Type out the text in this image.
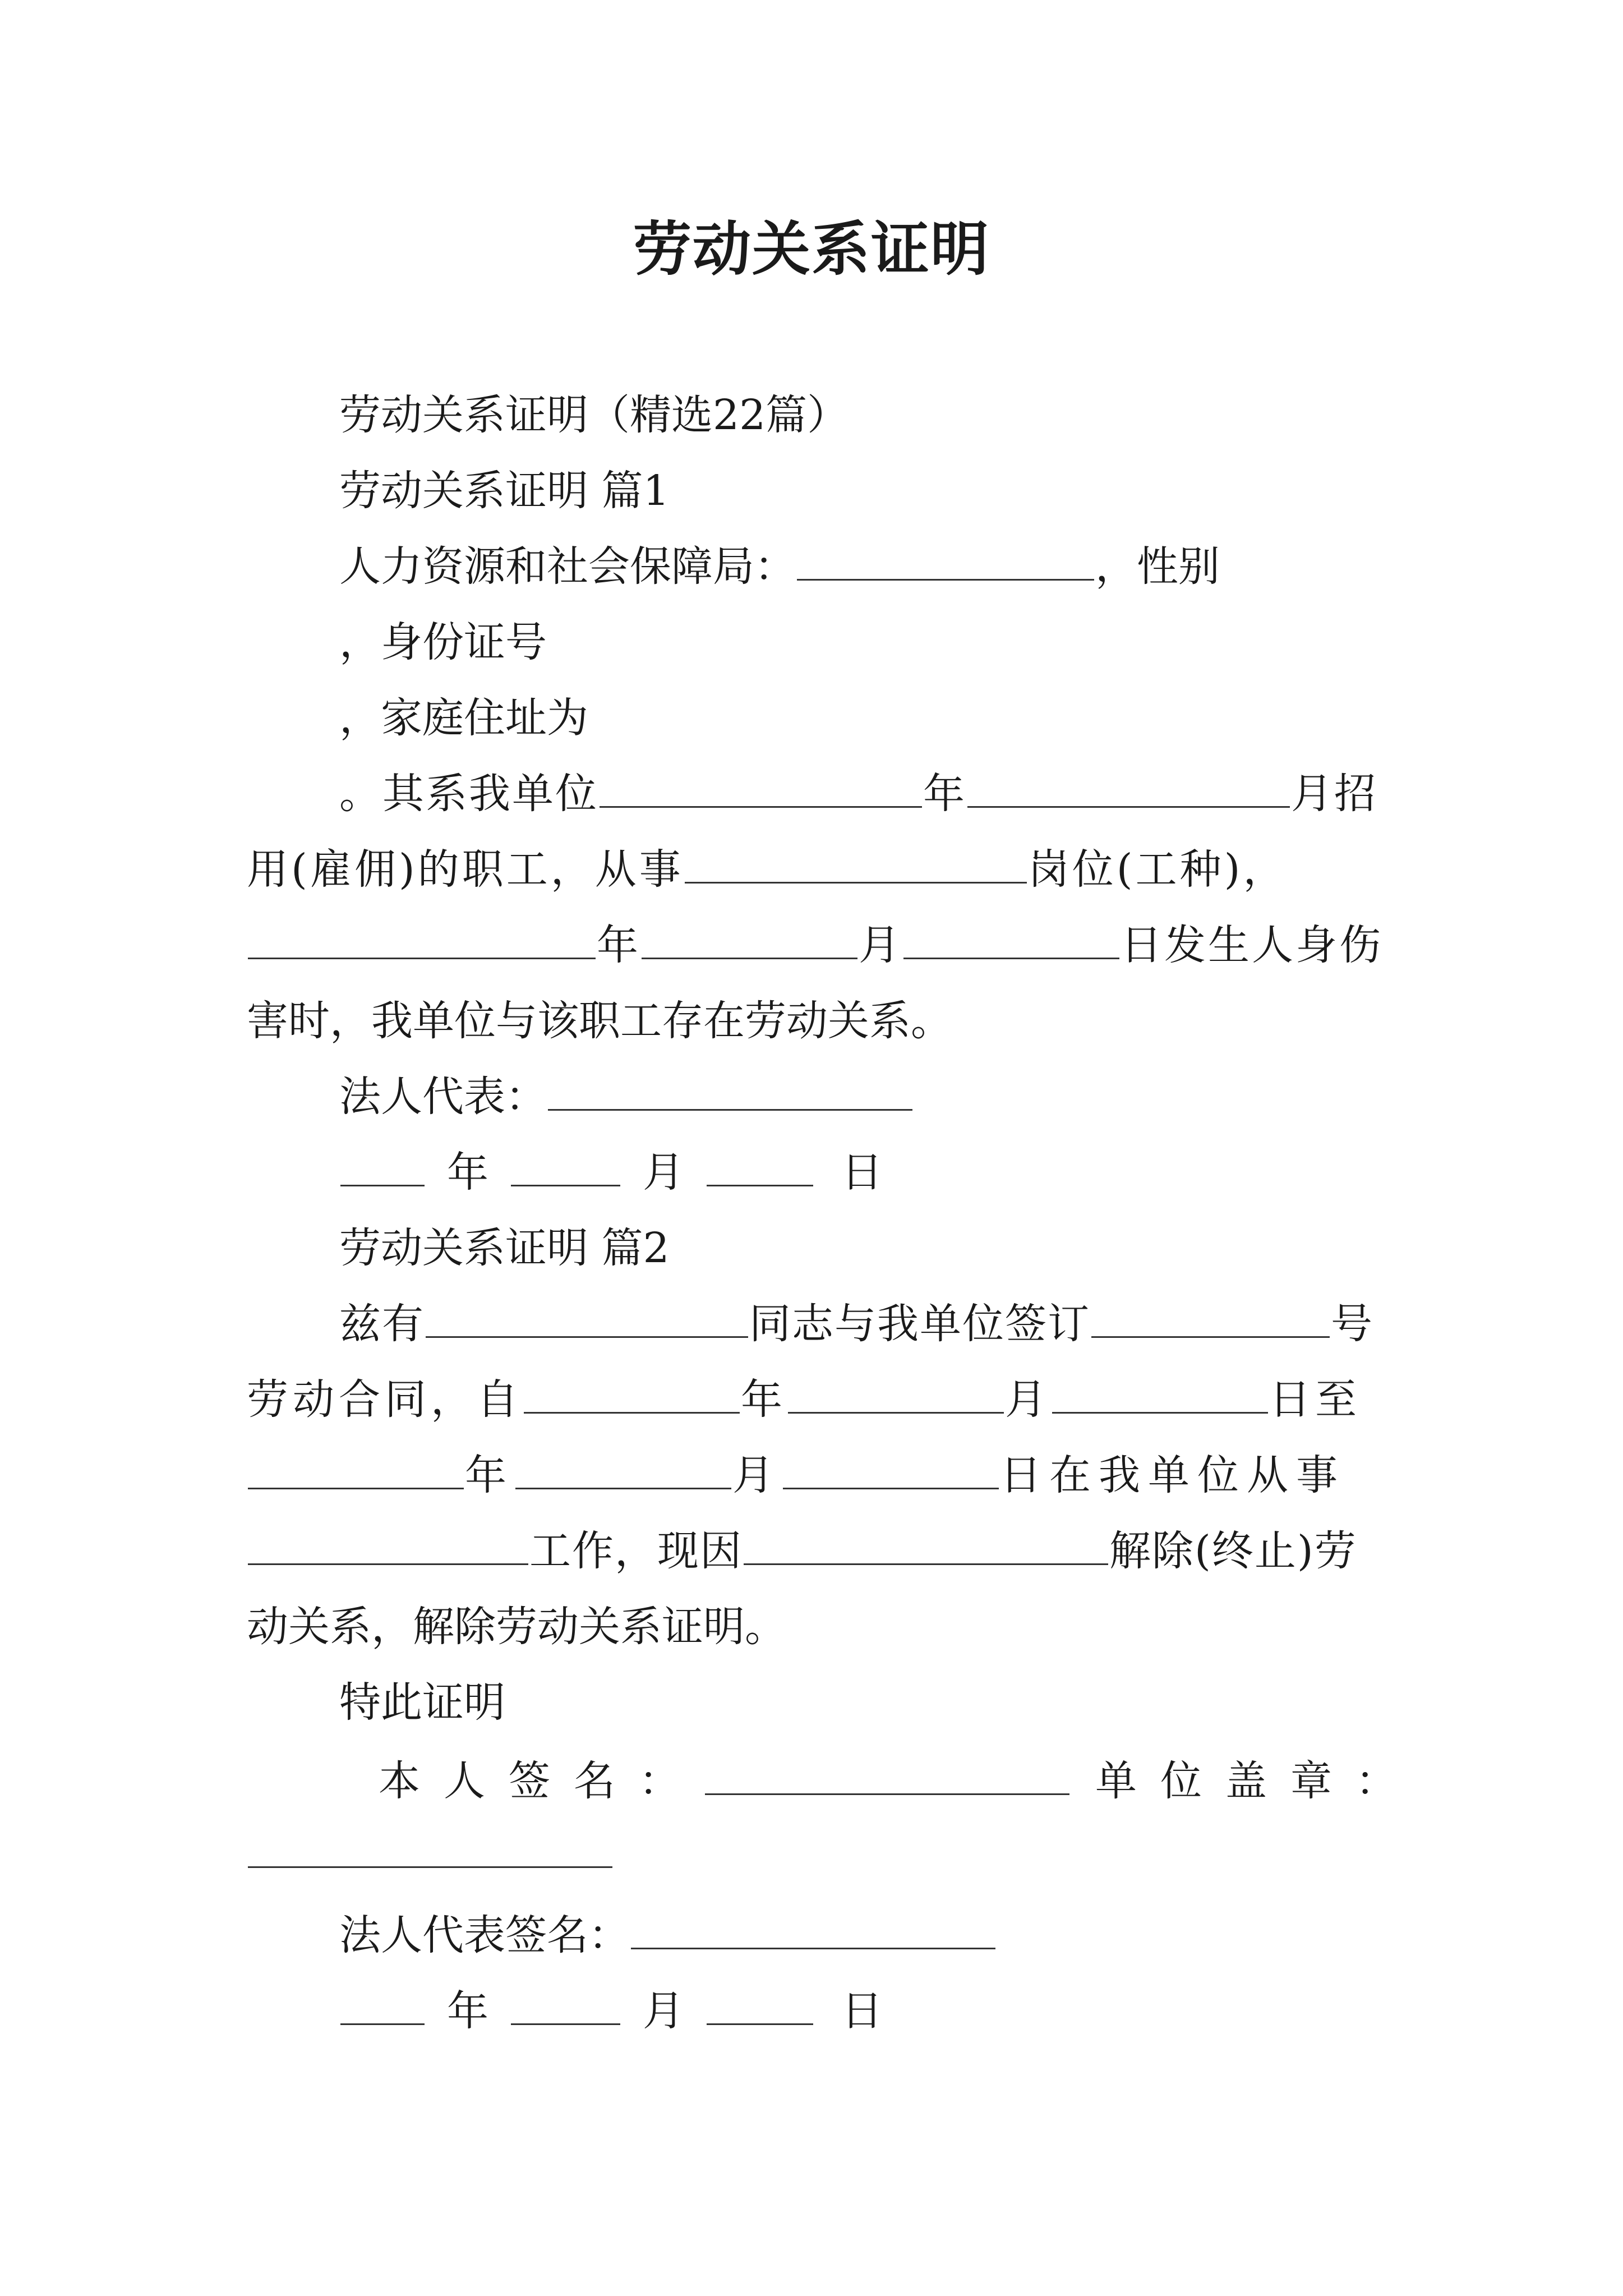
劳动关系证明
劳动关系证明（精选22篇）
劳动关系证明 篇1
人力资源和社会保障局：	，性别
，身份证号
，家庭住址为
。其系我单位	年	月招
用(雇佣)的职工，从事	岗位(工种)，
年	月	日发生人身伤
害时，我单位与该职工存在劳动关系。
法人代表：
年	月	日
劳动关系证明 篇2
兹有	同志与我单位签订	号
劳动合同，自	年	月	日至
年	月	日在我单位从事
工作，现因	解除(终止)劳
动关系，解除劳动关系证明。
特此证明
本人签名：	单位盖章：
法人代表签名：
年	月	日
